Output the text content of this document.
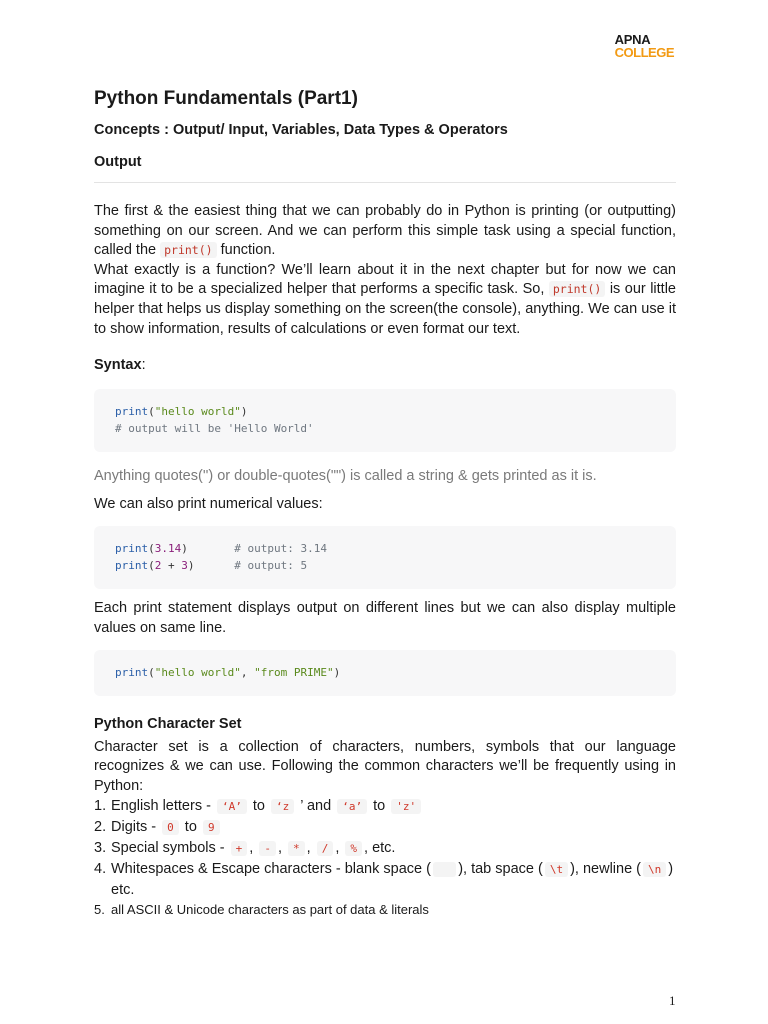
APNA
COLLEGE
Python Fundamentals (Part1)
Concepts : Output/ Input, Variables, Data Types & Operators
Output

The first & the easiest thing that we can probably do in Python is printing (or outputting) something on our screen. And we can perform this simple task using a special function, called the print() function.

What exactly is a function? We’ll learn about it in the next chapter but for now we can imagine it to be a specialized helper that performs a specific task. So, print() is our little helper that helps us display something on the screen(the console), anything. We can use it to show information, results of calculations or even format our text.

Syntax:
print("hello world")
# output will be 'Hello World'

Anything quotes('') or double-quotes("") is called a string & gets printed as it is.

We can also print numerical values:

print(3.14)	# output: 3.14
print(2 + 3)	# output: 5

Each print statement displays output on different lines but we can also display multiple values on same line.

print("hello world", "from PRIME")
Python Character Set

Character set is a collection of characters, numbers, symbols that our language recognizes & we can use. Following the common characters we’ll be frequently using in Python:

1. English letters - ‘A’ to ‘z ’ and ‘a’ to 'z'
2. Digits - 0 to 9
3. Special symbols - + , - , * , / , % , etc.
4. Whitespaces & Escape characters - blank space ( ), tab space ( \t ), newline ( \n ) etc.
5. all ASCII & Unicode characters as part of data & literals
1
